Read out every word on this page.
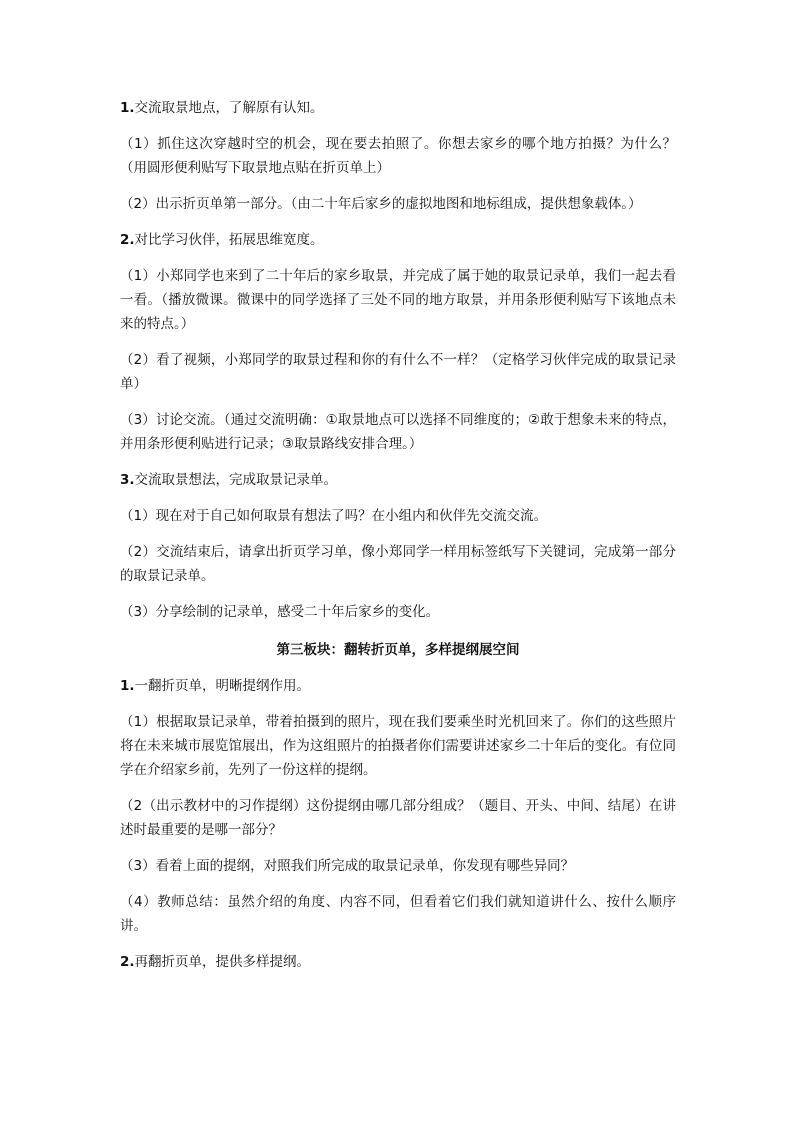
1.交流取景地点，了解原有认知。

（1）抓住这次穿越时空的机会，现在要去拍照了。你想去家乡的哪个地方拍摄？为什么？（用圆形便利贴写下取景地点贴在折页单上）

（2）出示折页单第一部分。（由二十年后家乡的虚拟地图和地标组成，提供想象载体。）

2.对比学习伙伴，拓展思维宽度。

（1）小郑同学也来到了二十年后的家乡取景，并完成了属于她的取景记录单，我们一起去看一看。（播放微课。微课中的同学选择了三处不同的地方取景，并用条形便利贴写下该地点未来的特点。）

（2）看了视频，小郑同学的取景过程和你的有什么不一样？（定格学习伙伴完成的取景记录单）

（3）讨论交流。（通过交流明确：①取景地点可以选择不同维度的；②敢于想象未来的特点，并用条形便利贴进行记录；③取景路线安排合理。）

3.交流取景想法，完成取景记录单。

（1）现在对于自己如何取景有想法了吗？在小组内和伙伴先交流交流。

（2）交流结束后，请拿出折页学习单，像小郑同学一样用标签纸写下关键词，完成第一部分的取景记录单。

（3）分享绘制的记录单，感受二十年后家乡的变化。

第三板块：翻转折页单，多样提纲展空间

1.一翻折页单，明晰提纲作用。

（1）根据取景记录单，带着拍摄到的照片，现在我们要乘坐时光机回来了。你们的这些照片将在未来城市展览馆展出，作为这组照片的拍摄者你们需要讲述家乡二十年后的变化。有位同学在介绍家乡前，先列了一份这样的提纲。

（2（出示教材中的习作提纲）这份提纲由哪几部分组成？（题目、开头、中间、结尾）在讲述时最重要的是哪一部分？

（3）看着上面的提纲，对照我们所完成的取景记录单，你发现有哪些异同？

（4）教师总结：虽然介绍的角度、内容不同，但看着它们我们就知道讲什么、按什么顺序讲。

2.再翻折页单，提供多样提纲。
